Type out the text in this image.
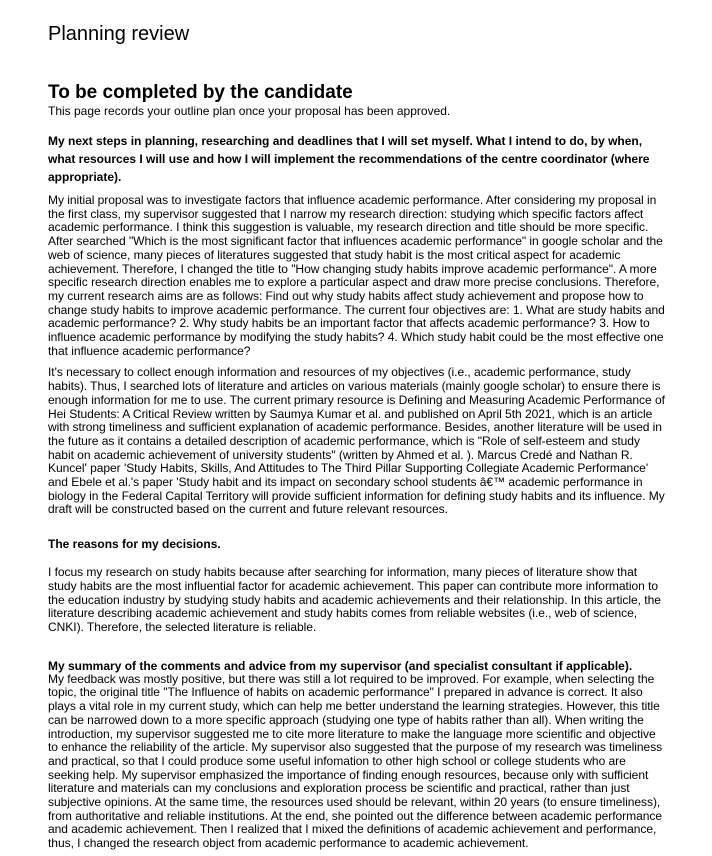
Planning review
To be completed by the candidate

This page records your outline plan once your proposal has been approved.

My next steps in planning, researching and deadlines that I will set myself. What I intend to do, by when, what resources I will use and how I will implement the recommendations of the centre coordinator (where appropriate).

My initial proposal was to investigate factors that influence academic performance. After considering my proposal in the first class, my supervisor suggested that I narrow my research direction: studying which specific factors affect academic performance. I think this suggestion is valuable, my research direction and title should be more specific. After searched "Which is the most significant factor that influences academic performance" in google scholar and the web of science, many pieces of literatures suggested that study habit is the most critical aspect for academic achievement. Therefore, I changed the title to "How changing study habits improve academic performance". A more specific research direction enables me to explore a particular aspect and draw more precise conclusions. Therefore, my current research aims are as follows: Find out why study habits affect study achievement and propose how to change study habits to improve academic performance. The current four objectives are: 1. What are study habits and academic performance? 2. Why study habits be an important factor that affects academic performance? 3. How to influence academic performance by modifying the study habits? 4. Which study habit could be the most effective one that influence academic performance?

It's necessary to collect enough information and resources of my objectives (i.e., academic performance, study habits). Thus, I searched lots of literature and articles on various materials (mainly google scholar) to ensure there is enough information for me to use. The current primary resource is Defining and Measuring Academic Performance of Hei Students: A Critical Review written by Saumya Kumar et al. and published on April 5th 2021, which is an article with strong timeliness and sufficient explanation of academic performance. Besides, another literature will be used in the future as it contains a detailed description of academic performance, which is "Role of self-esteem and study habit on academic achievement of university students" (written by Ahmed et al. ). Marcus Credé and Nathan R. Kuncel' paper 'Study Habits, Skills, And Attitudes to The Third Pillar Supporting Collegiate Academic Performance' and Ebele et al.'s paper 'Study habit and its impact on secondary school students â€™ academic performance in biology in the Federal Capital Territory will provide sufficient information for defining study habits and its influence. My draft will be constructed based on the current and future relevant resources.

The reasons for my decisions.

I focus my research on study habits because after searching for information, many pieces of literature show that study habits are the most influential factor for academic achievement. This paper can contribute more information to the education industry by studying study habits and academic achievements and their relationship. In this article, the literature describing academic achievement and study habits comes from reliable websites (i.e., web of science, CNKI). Therefore, the selected literature is reliable.

My summary of the comments and advice from my supervisor (and specialist consultant if applicable).

My feedback was mostly positive, but there was still a lot required to be improved. For example, when selecting the topic, the original title "The Influence of habits on academic performance" I prepared in advance is correct. It also plays a vital role in my current study, which can help me better understand the learning strategies. However, this title can be narrowed down to a more specific approach (studying one type of habits rather than all). When writing the introduction, my supervisor suggested me to cite more literature to make the language more scientific and objective to enhance the reliability of the article. My supervisor also suggested that the purpose of my research was timeliness and practical, so that I could produce some useful infomation to other high school or college students who are seeking help. My supervisor emphasized the importance of finding enough resources, because only with sufficient literature and materials can my conclusions and exploration process be scientific and practical, rather than just subjective opinions. At the same time, the resources used should be relevant, within 20 years (to ensure timeliness), from authoritative and reliable institutions. At the end, she pointed out the difference between academic performance and academic achievement. Then I realized that I mixed the definitions of academic achievement and performance, thus, I changed the research object from academic performance to academic achievement.
